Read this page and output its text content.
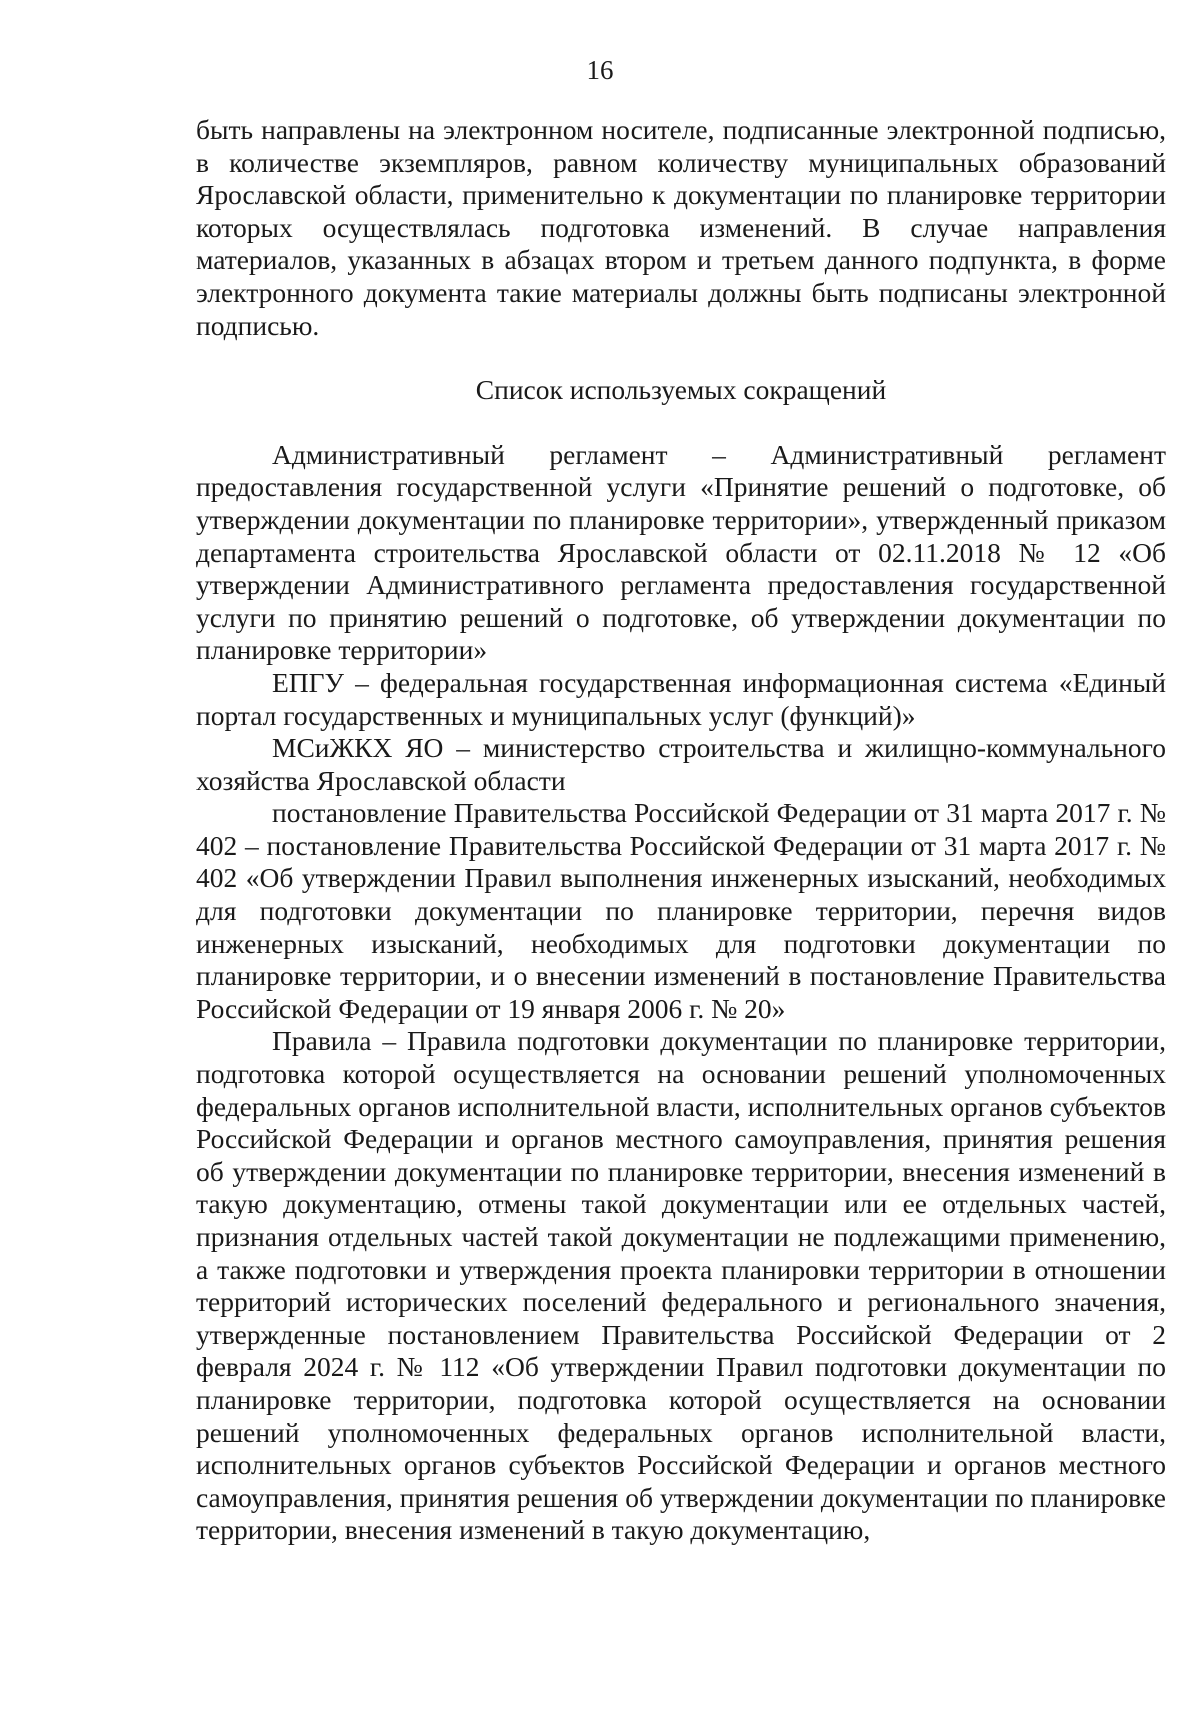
16

быть направлены на электронном носителе, подписанные электронной подписью, в количестве экземпляров, равном количеству муниципальных образований Ярославской области, применительно к документации по планировке территории которых осуществлялась подготовка изменений. В случае направления материалов, указанных в абзацах втором и третьем данного подпункта, в форме электронного документа такие материалы должны быть подписаны электронной подписью.

Список используемых сокращений

Административный регламент – Административный регламент предоставления государственной услуги «Принятие решений о подготовке, об утверждении документации по планировке территории», утвержденный приказом департамента строительства Ярославской области от 02.11.2018 № 12 «Об утверждении Административного регламента предоставления государственной услуги по принятию решений о подготовке, об утверждении документации по планировке территории»

ЕПГУ – федеральная государственная информационная система «Единый портал государственных и муниципальных услуг (функций)»

МСиЖКХ ЯО – министерство строительства и жилищно-коммунального хозяйства Ярославской области

постановление Правительства Российской Федерации от 31 марта 2017 г. № 402 – постановление Правительства Российской Федерации от 31 марта 2017 г. № 402 «Об утверждении Правил выполнения инженерных изысканий, необходимых для подготовки документации по планировке территории, перечня видов инженерных изысканий, необходимых для подготовки документации по планировке территории, и о внесении изменений в постановление Правительства Российской Федерации от 19 января 2006 г. № 20»

Правила – Правила подготовки документации по планировке территории, подготовка которой осуществляется на основании решений уполномоченных федеральных органов исполнительной власти, исполнительных органов субъектов Российской Федерации и органов местного самоуправления, принятия решения об утверждении документации по планировке территории, внесения изменений в такую документацию, отмены такой документации или ее отдельных частей, признания отдельных частей такой документации не подлежащими применению, а также подготовки и утверждения проекта планировки территории в отношении территорий исторических поселений федерального и регионального значения, утвержденные постановлением Правительства Российской Федерации от 2 февраля 2024 г. № 112 «Об утверждении Правил подготовки документации по планировке территории, подготовка которой осуществляется на основании решений уполномоченных федеральных органов исполнительной власти, исполнительных органов субъектов Российской Федерации и органов местного самоуправления, принятия решения об утверждении документации по планировке территории, внесения изменений в такую документацию,
